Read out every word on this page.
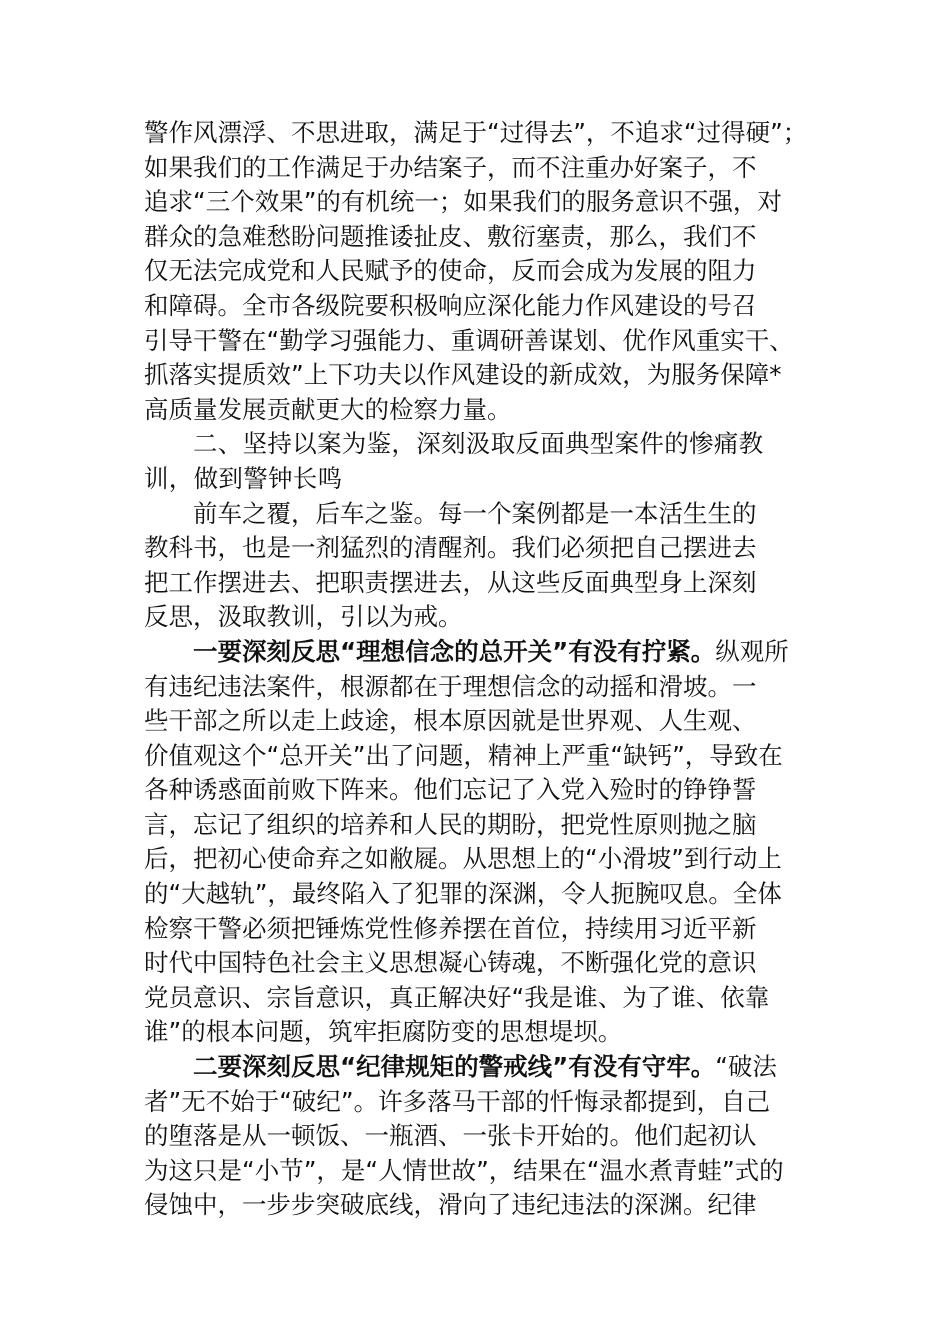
警作风漂浮、不思进取，满足于“过得去”，不追求“过得硬”；
如果我们的工作满足于办结案子，而不注重办好案子，不
追求“三个效果”的有机统一；如果我们的服务意识不强，对
群众的急难愁盼问题推诿扯皮、敷衍塞责，那么，我们不
仅无法完成党和人民赋予的使命，反而会成为发展的阻力
和障碍。全市各级院要积极响应深化能力作风建设的号召
引导干警在“勤学习强能力、重调研善谋划、优作风重实干、
抓落实提质效”上下功夫以作风建设的新成效，为服务保障*
高质量发展贡献更大的检察力量。
二、坚持以案为鉴，深刻汲取反面典型案件的惨痛教
训，做到警钟长鸣
前车之覆，后车之鉴。每一个案例都是一本活生生的
教科书，也是一剂猛烈的清醒剂。我们必须把自己摆进去
把工作摆进去、把职责摆进去，从这些反面典型身上深刻
反思，汲取教训，引以为戒。
一要深刻反思“理想信念的总开关”有没有拧紧。纵观所
有违纪违法案件，根源都在于理想信念的动摇和滑坡。一
些干部之所以走上歧途，根本原因就是世界观、人生观、
价值观这个“总开关”出了问题，精神上严重“缺钙”，导致在
各种诱惑面前败下阵来。他们忘记了入党入殓时的铮铮誓
言，忘记了组织的培养和人民的期盼，把党性原则抛之脑
后，把初心使命弃之如敝屣。从思想上的“小滑坡”到行动上
的“大越轨”，最终陷入了犯罪的深渊，令人扼腕叹息。全体
检察干警必须把锤炼党性修养摆在首位，持续用习近平新
时代中国特色社会主义思想凝心铸魂，不断强化党的意识
党员意识、宗旨意识，真正解决好“我是谁、为了谁、依靠
谁”的根本问题，筑牢拒腐防变的思想堤坝。
二要深刻反思“纪律规矩的警戒线”有没有守牢。“破法
者”无不始于“破纪”。许多落马干部的忏悔录都提到，自己
的堕落是从一顿饭、一瓶酒、一张卡开始的。他们起初认
为这只是“小节”，是“人情世故”，结果在“温水煮青蛙”式的
侵蚀中，一步步突破底线，滑向了违纪违法的深渊。纪律
